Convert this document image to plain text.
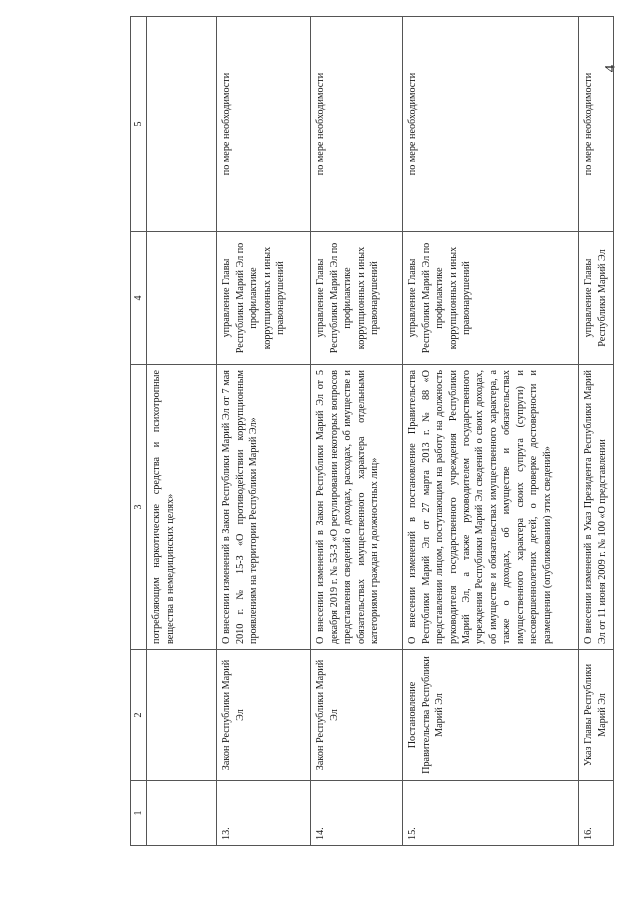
4
1	2	3	4	5
		потребляющим наркотические средства и психотропные вещества в немедицинских целях»		
13.	Закон Республики Марий Эл	О внесении изменений в Закон Республики Марий Эл от 7 мая 2010 г. № 15-З «О противодействии коррупционным проявлениям на территории Республики Марий Эл»	управление Главы Республики Марий Эл по профилактике коррупционных и иных правонарушений	по мере необходимости
14.	Закон Республики Марий Эл	О внесении изменений в Закон Республики Марий Эл от 5 декабря 2019 г. № 53-З «О регулировании некоторых вопросов представления сведений о доходах, расходах, об имуществе и обязательствах имущественного характера отдельными категориями граждан и должностных лиц»	управление Главы Республики Марий Эл по профилактике коррупционных и иных правонарушений	по мере необходимости
15.	Постановление Правительства Республики Марий Эл	О внесении изменений в постановление Правительства Республики Марий Эл от 27 марта 2013 г. № 88 «О представлении лицом, поступающим на работу на должность руководителя государственного учреждения Республики Марий Эл, а также руководителем государственного учреждения Республики Марий Эл сведений о своих доходах, об имуществе и обязательствах имущественного характера, а также о доходах, об имуществе и обязательствах имущественного характера своих супруга (супруги) и несовершеннолетних детей, о проверке достоверности и размещении (опубликовании) этих сведений»	управление Главы Республики Марий Эл по профилактике коррупционных и иных правонарушений	по мере необходимости
16.	Указ Главы Республики Марий Эл	О внесении изменений в Указ Президента Республики Марий Эл от 11 июня 2009 г. № 100 «О представлении	управление Главы Республики Марий Эл	по мере необходимости
